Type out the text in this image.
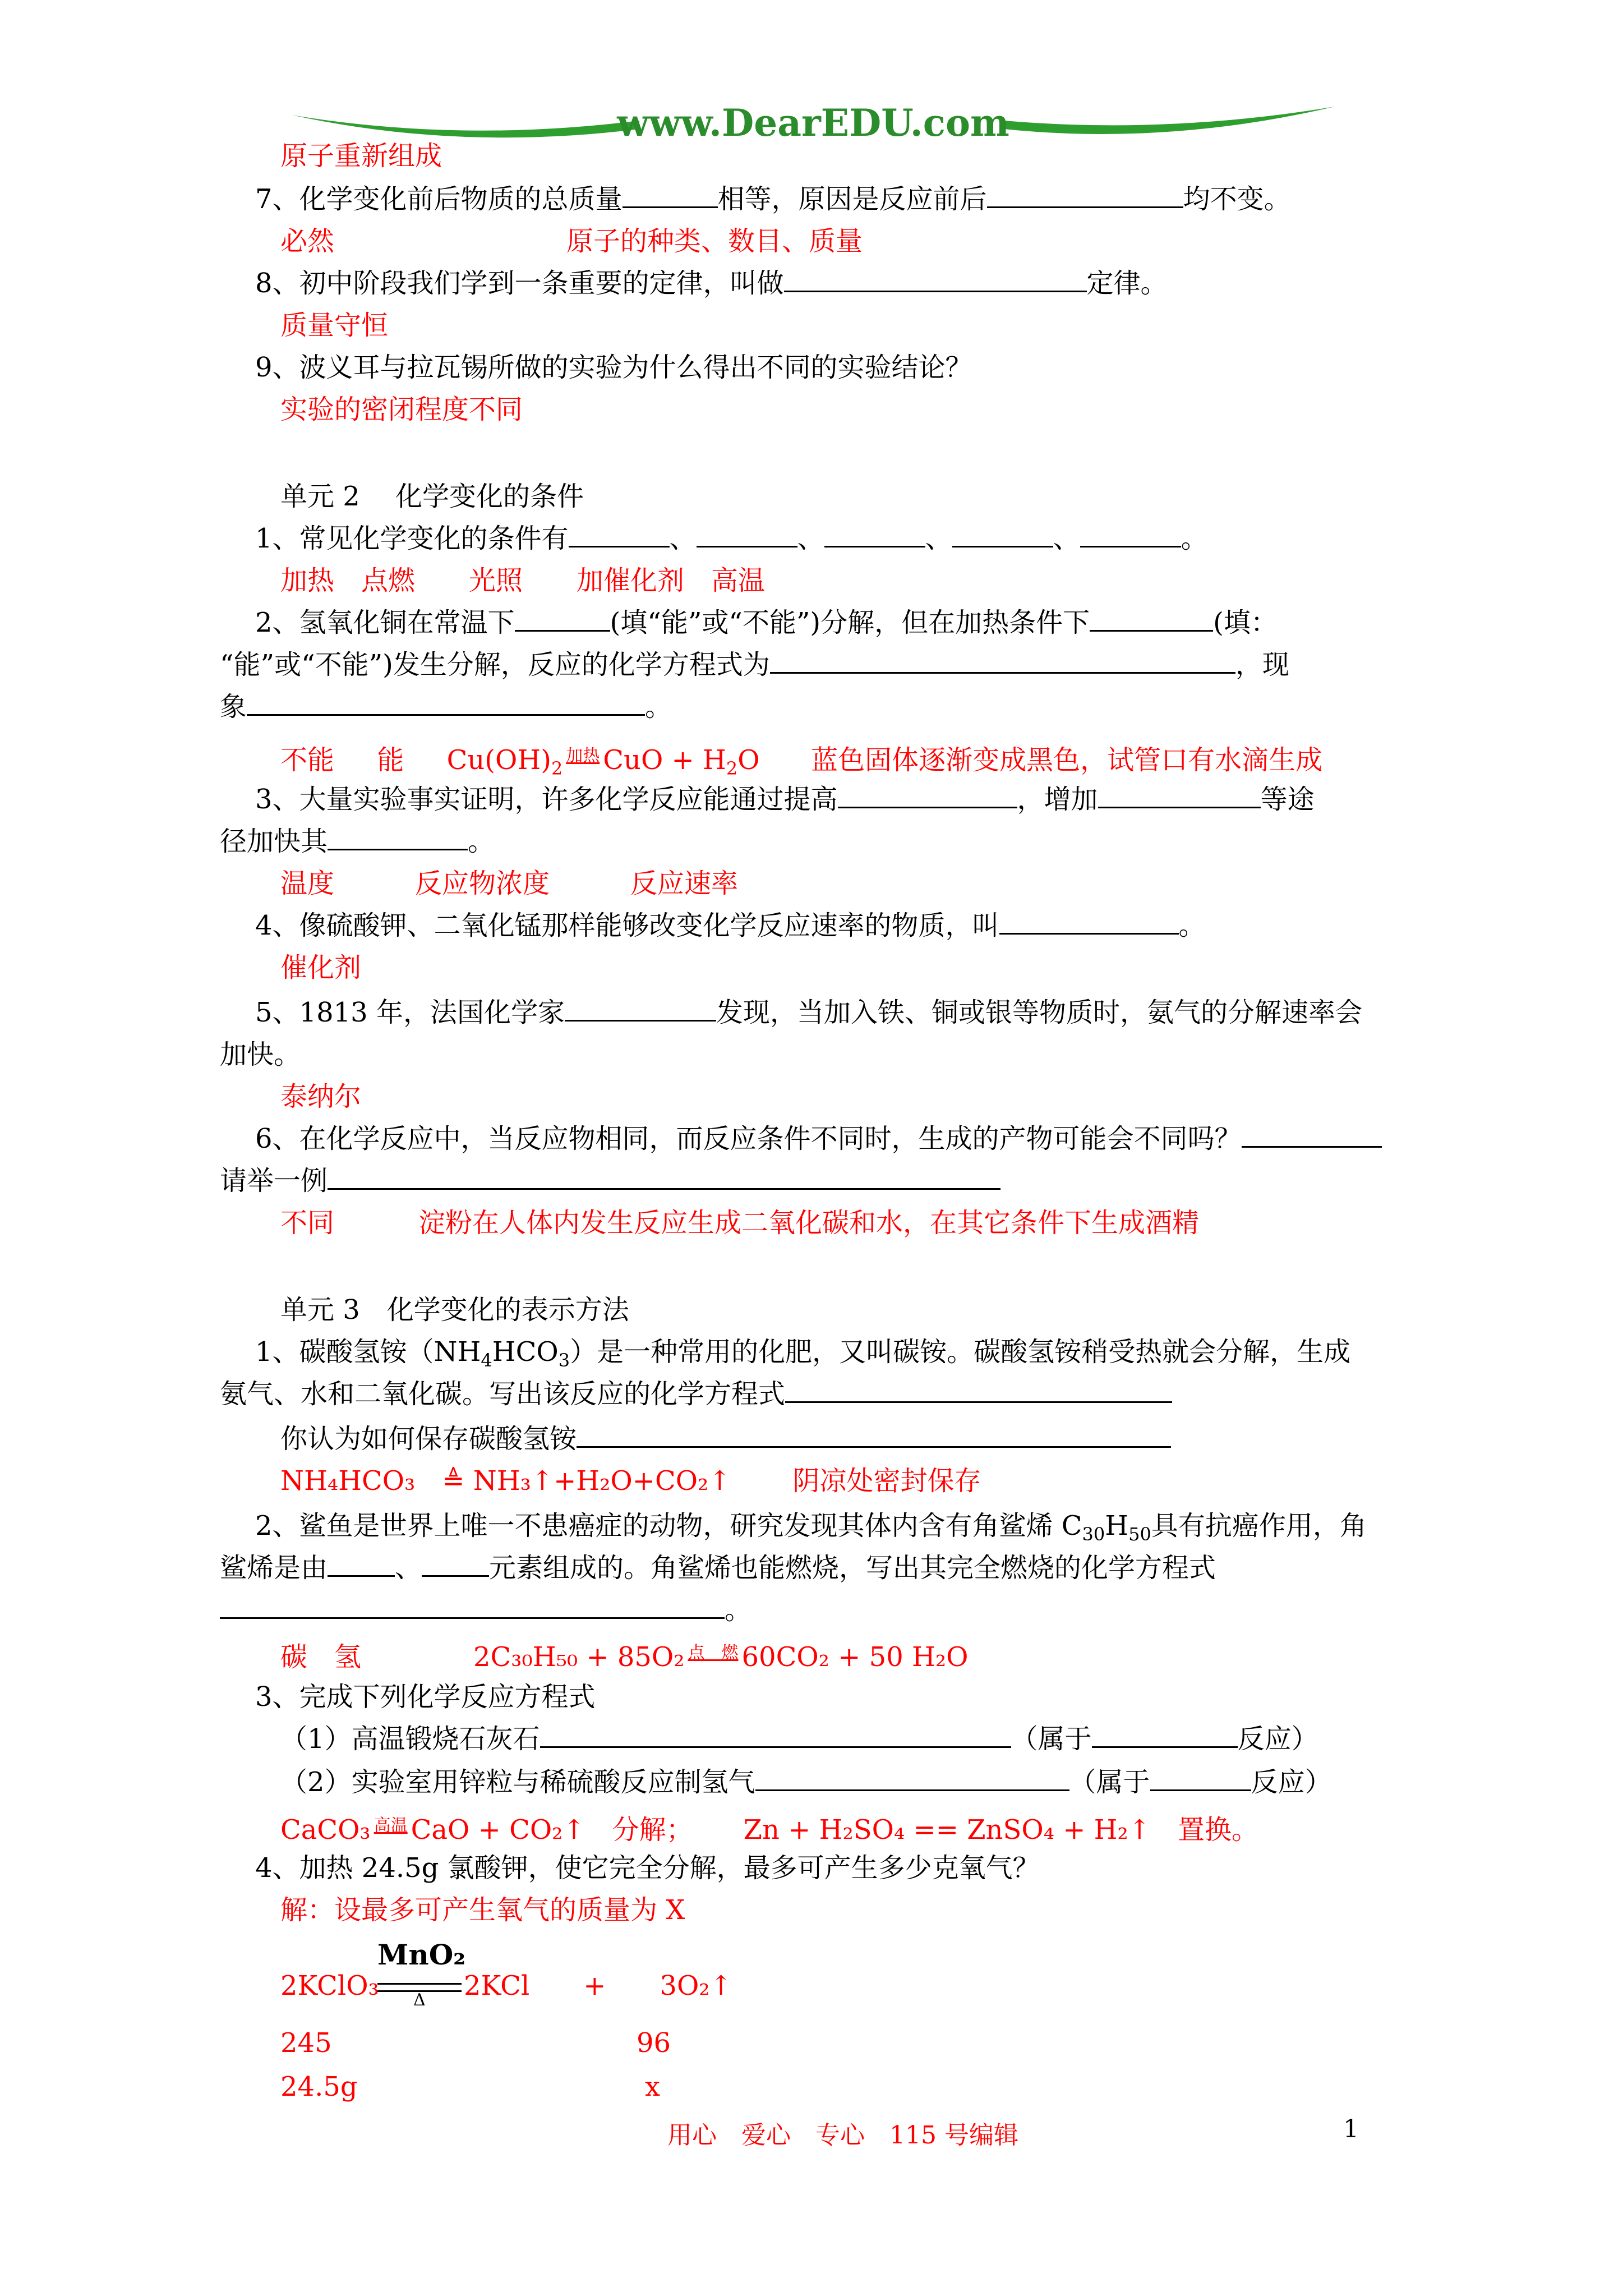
www.DearEDU.com
原子重新组成
7、化学变化前后物质的总质量	相等，原因是反应前后	均不变。
必然	原子的种类、数目、质量
8、初中阶段我们学到一条重要的定律，叫做	定律。
质量守恒
9、波义耳与拉瓦锡所做的实验为什么得出不同的实验结论？
实验的密闭程度不同
单元 2　 化学变化的条件
1、常见化学变化的条件有	、	、	、	、	。
加热　点燃　　光照　　加催化剂　高温
2、氢氧化铜在常温下	(填“能”或“不能”)分解，但在加热条件下	(填：
“能”或“不能”)发生分解，反应的化学方程式为	，现
象	。
不能 能 $Cu(OH)_2$加热 CuO + $H_2O$ 蓝色固体逐渐变成黑色，试管口有水滴生成
3、大量实验事实证明，许多化学反应能通过提高	，增加	等途
径加快其	。
温度　　　反应物浓度　　　反应速率
4、像硫酸钾、二氧化锰那样能够改变化学反应速率的物质，叫	。
催化剂
5、1813 年，法国化学家	发现，当加入铁、铜或银等物质时，氨气的分解速率会
加快。
泰纳尔
6、在化学反应中，当反应物相同，而反应条件不同时，生成的产物可能会不同吗？
请举一例
不同	淀粉在人体内发生反应生成二氧化碳和水，在其它条件下生成酒精
单元 3　化学变化的表示方法
1、碳酸氢铵$(NH_4HCO_3)$是一种常用的化肥，又叫碳铵。碳酸氢铵稍受热就会分解，生成
氨气、水和二氧化碳。写出该反应的化学方程式
你认为如何保存碳酸氢铵
NH₄HCO₃　≜ NH₃↑+H₂O+CO₂↑ 阴凉处密封保存
2、鲨鱼是世界上唯一不患癌症的动物，研究发现其体内含有角鲨烯 $C_{30}H_{50}$具有抗癌作用，角
鲨烯是由	、	元素组成的。角鲨烯也能燃烧，写出其完全燃烧的化学方程式
。
碳　氢	2C₃₀H₅₀ + 85O₂ 点　燃 60CO₂ + 50 H₂O
3、完成下列化学反应方程式
（1）高温锻烧石灰石	（属于	反应）
（2）实验室用锌粒与稀硫酸反应制氢气	（属于	反应）
CaCO₃ 高温 CaO + CO₂↑　分解； Zn + H₂SO₄ == ZnSO₄ + H₂↑　置换。
4、加热 24.5g 氯酸钾，使它完全分解，最多可产生多少克氧气？
解：设最多可产生氧气的质量为 X
2KClO₃
MnO₂
Δ 2KCl　　+　　3O₂↑
245	96
24.5g	x
用心　爱心　专心　115 号编辑	1
